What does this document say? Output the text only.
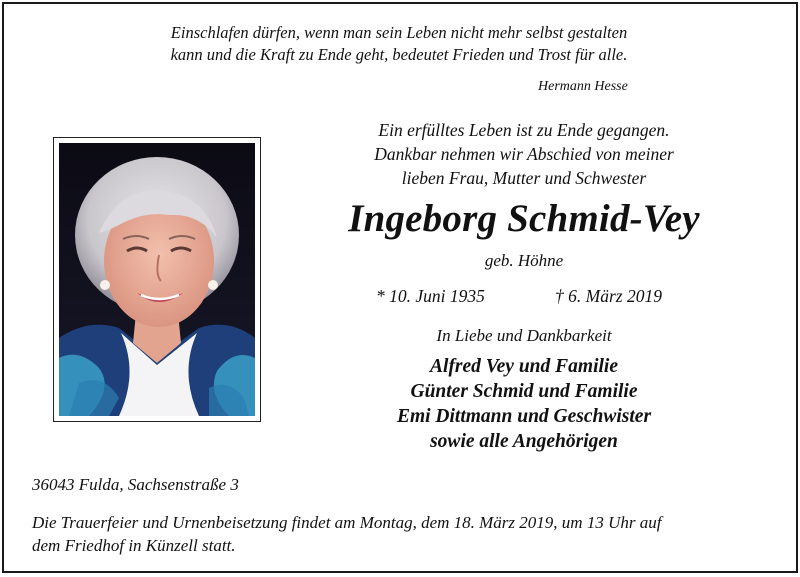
Einschlafen dürfen, wenn man sein Leben nicht mehr selbst gestalten
kann und die Kraft zu Ende geht, bedeutet Frieden und Trost für alle.
Hermann Hesse
Ein erfülltes Leben ist zu Ende gegangen.
Dankbar nehmen wir Abschied von meiner
lieben Frau, Mutter und Schwester
Ingeborg Schmid-Vey
geb. Höhne
* 10. Juni 1935	† 6. März 2019
In Liebe und Dankbarkeit
Alfred Vey und Familie
Günter Schmid und Familie
Emi Dittmann und Geschwister
sowie alle Angehörigen
36043 Fulda, Sachsenstraße 3
Die Trauerfeier und Urnenbeisetzung findet am Montag, dem 18. März 2019, um 13 Uhr auf
dem Friedhof in Künzell statt.
